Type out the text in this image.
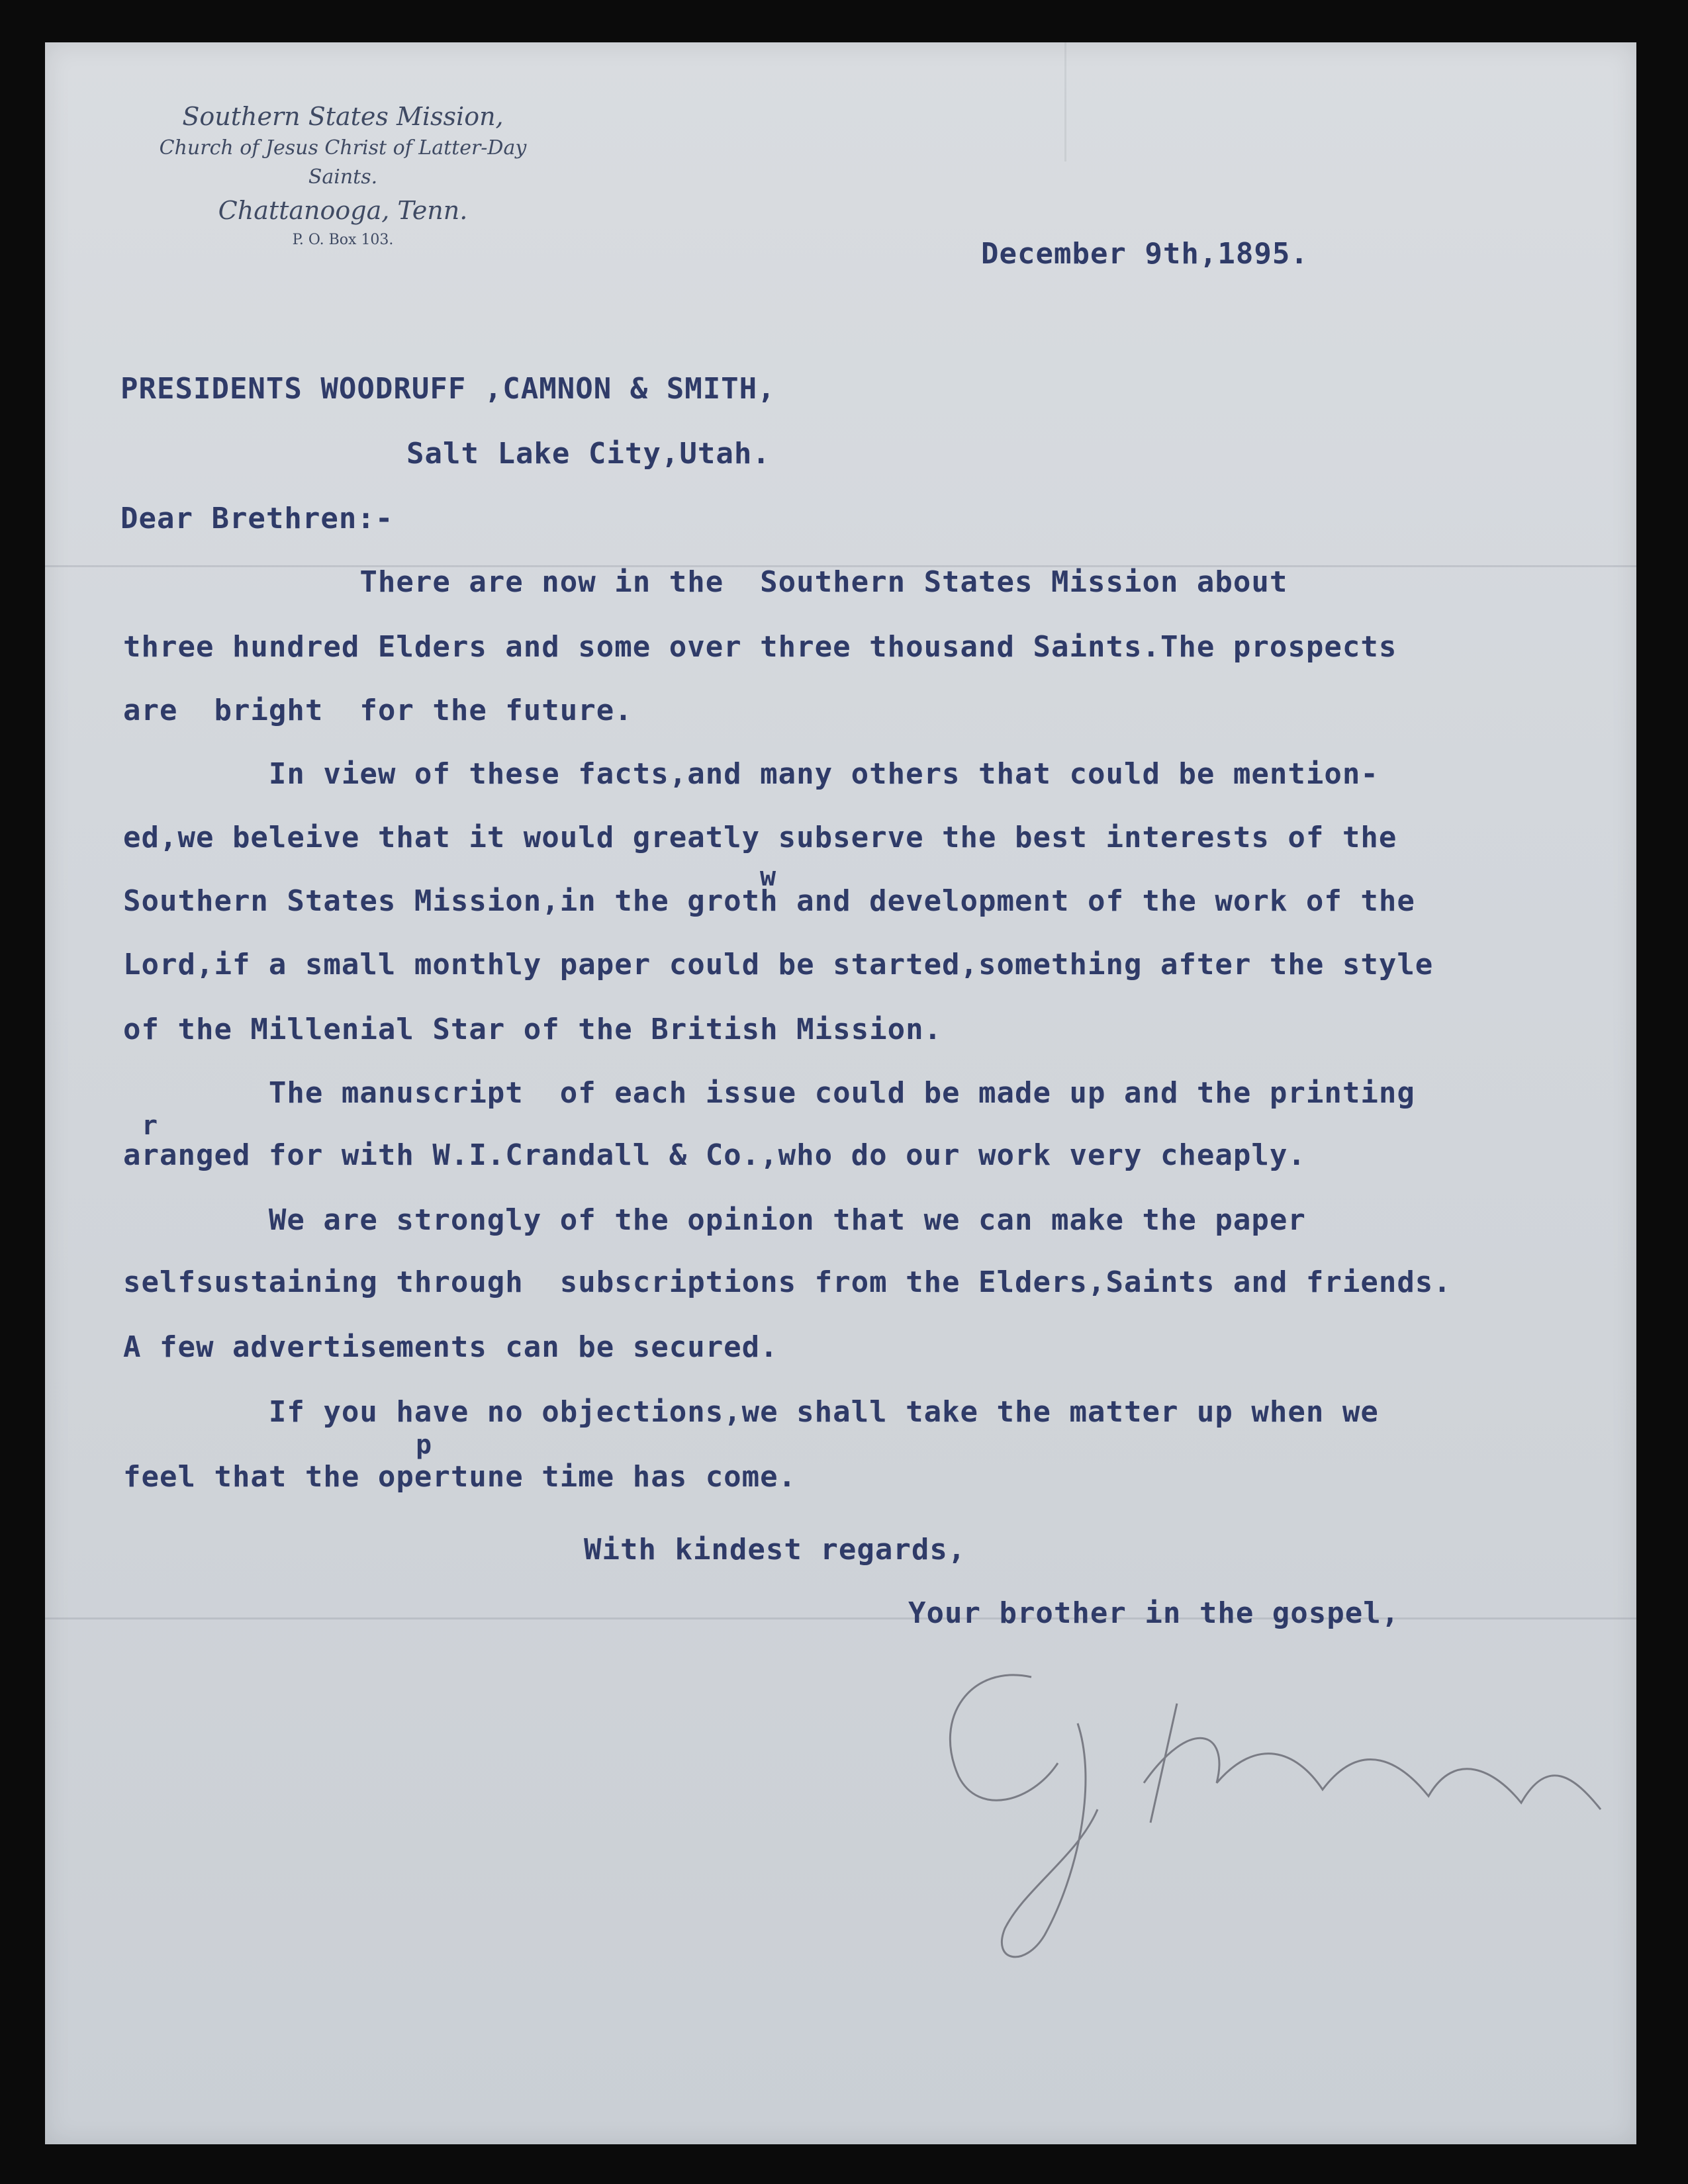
Southern States Mission,
Church of Jesus Christ of Latter-Day Saints.
Chattanooga, Tenn.
P. O. Box 103.	December 9th,1895.
PRESIDENTS WOODRUFF ,CAMNON & SMITH,
Salt Lake City,Utah.
Dear Brethren:-
There are now in the  Southern States Mission about
three hundred Elders and some over three thousand Saints.The prospects
are  bright  for the future.
In view of these facts,and many others that could be mention-
ed,we beleive that it would greatly subserve the best interests of the
Southern States Mission,in the groth and development of the work of the
Lord,if a small monthly paper could be started,something after the style
of the Millenial Star of the British Mission.
The manuscript  of each issue could be made up and the printing
aranged for with W.I.Crandall & Co.,who do our work very cheaply.
We are strongly of the opinion that we can make the paper
selfsustaining through  subscriptions from the Elders,Saints and friends.
A few advertisements can be secured.
If you have no objections,we shall take the matter up when we
feel that the opertune time has come.
w
r
p
With kindest regards,
Your brother in the gospel,
